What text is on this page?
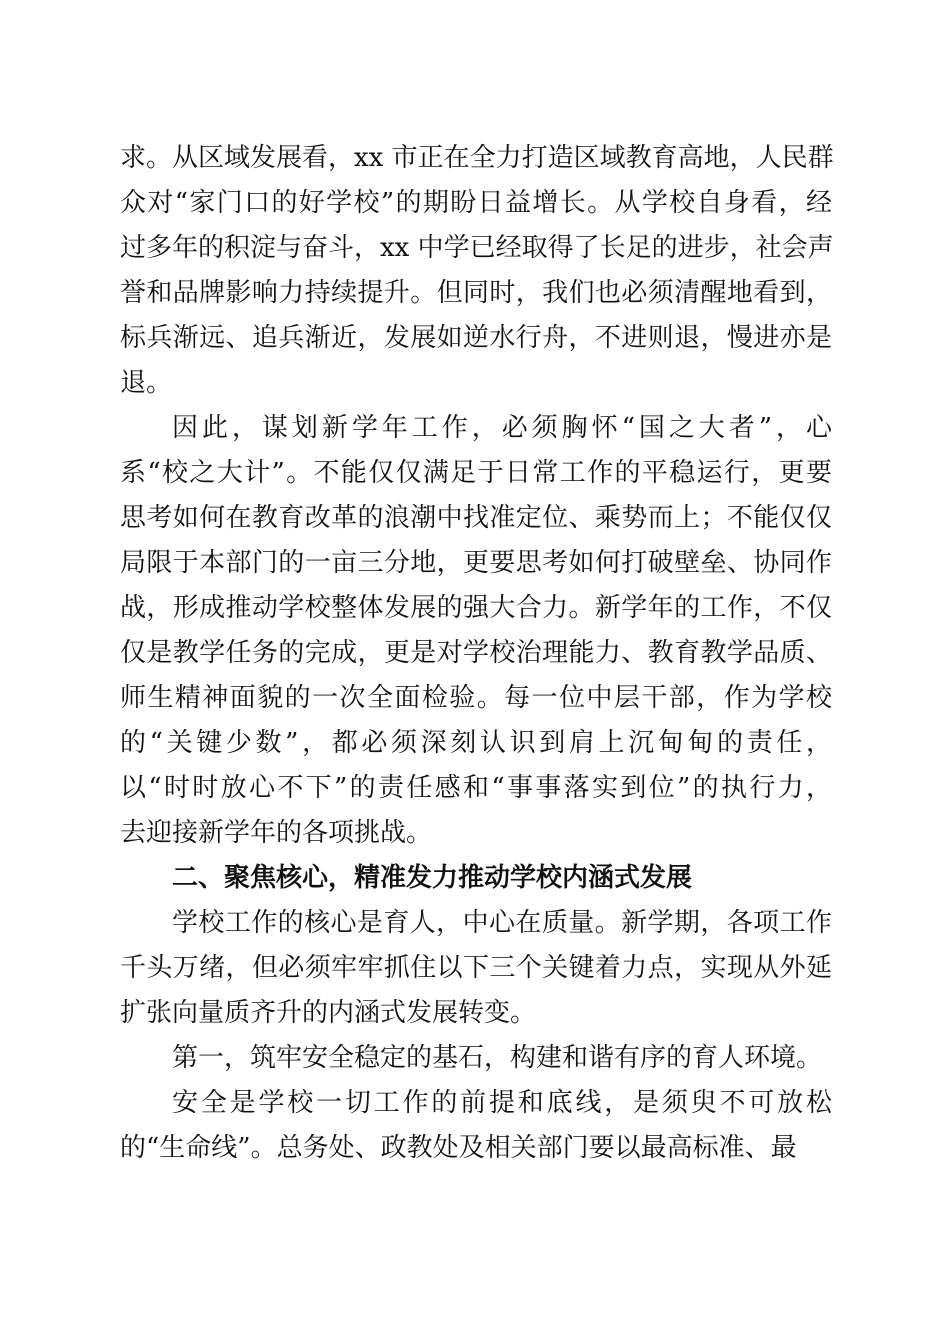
求。从区域发展看，xx 市正在全力打造区域教育高地，人民群
众对“家门口的好学校”的期盼日益增长。从学校自身看，经
过多年的积淀与奋斗，xx 中学已经取得了长足的进步，社会声
誉和品牌影响力持续提升。但同时，我们也必须清醒地看到，
标兵渐远、追兵渐近，发展如逆水行舟，不进则退，慢进亦是
退。
因此，谋划新学年工作，必须胸怀“国之大者”，心
系“校之大计”。不能仅仅满足于日常工作的平稳运行，更要
思考如何在教育改革的浪潮中找准定位、乘势而上；不能仅仅
局限于本部门的一亩三分地，更要思考如何打破壁垒、协同作
战，形成推动学校整体发展的强大合力。新学年的工作，不仅
仅是教学任务的完成，更是对学校治理能力、教育教学品质、
师生精神面貌的一次全面检验。每一位中层干部，作为学校
的“关键少数”，都必须深刻认识到肩上沉甸甸的责任，
以“时时放心不下”的责任感和“事事落实到位”的执行力，
去迎接新学年的各项挑战。
二、聚焦核心，精准发力推动学校内涵式发展
学校工作的核心是育人，中心在质量。新学期，各项工作
千头万绪，但必须牢牢抓住以下三个关键着力点，实现从外延
扩张向量质齐升的内涵式发展转变。
第一，筑牢安全稳定的基石，构建和谐有序的育人环境。
安全是学校一切工作的前提和底线，是须臾不可放松
的“生命线”。总务处、政教处及相关部门要以最高标准、最
